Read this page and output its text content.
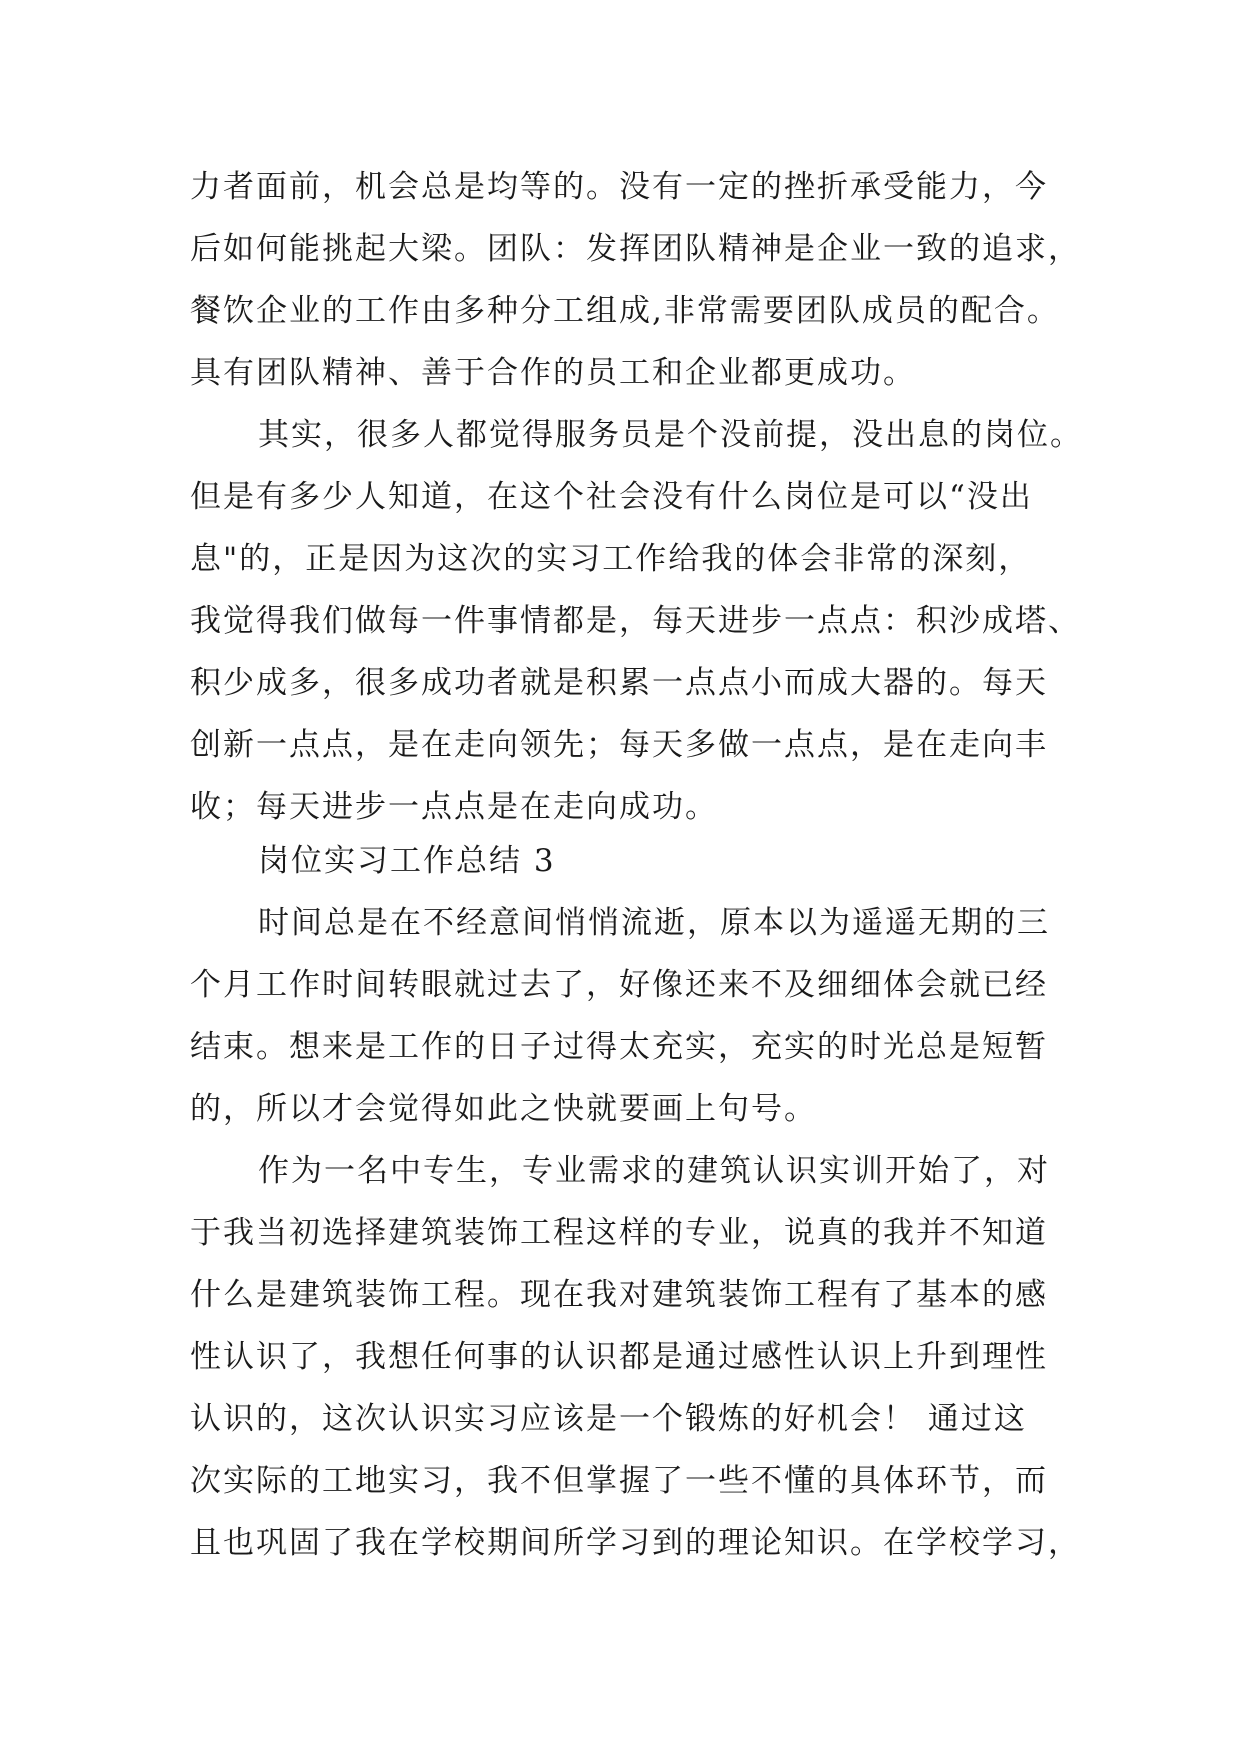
力者面前，机会总是均等的。没有一定的挫折承受能力，今
后如何能挑起大梁。团队：发挥团队精神是企业一致的追求，
餐饮企业的工作由多种分工组成,非常需要团队成员的配合。
具有团队精神、善于合作的员工和企业都更成功。
其实，很多人都觉得服务员是个没前提，没出息的岗位。
但是有多少人知道，在这个社会没有什么岗位是可以“没出
息"的，正是因为这次的实习工作给我的体会非常的深刻，
我觉得我们做每一件事情都是，每天进步一点点：积沙成塔、
积少成多，很多成功者就是积累一点点小而成大器的。每天
创新一点点，是在走向领先；每天多做一点点，是在走向丰
收；每天进步一点点是在走向成功。
岗位实习工作总结 3
时间总是在不经意间悄悄流逝，原本以为遥遥无期的三
个月工作时间转眼就过去了，好像还来不及细细体会就已经
结束。想来是工作的日子过得太充实，充实的时光总是短暂
的，所以才会觉得如此之快就要画上句号。
作为一名中专生，专业需求的建筑认识实训开始了，对
于我当初选择建筑装饰工程这样的专业，说真的我并不知道
什么是建筑装饰工程。现在我对建筑装饰工程有了基本的感
性认识了，我想任何事的认识都是通过感性认识上升到理性
认识的，这次认识实习应该是一个锻炼的好机会！ 通过这
次实际的工地实习，我不但掌握了一些不懂的具体环节，而
且也巩固了我在学校期间所学习到的理论知识。在学校学习，
